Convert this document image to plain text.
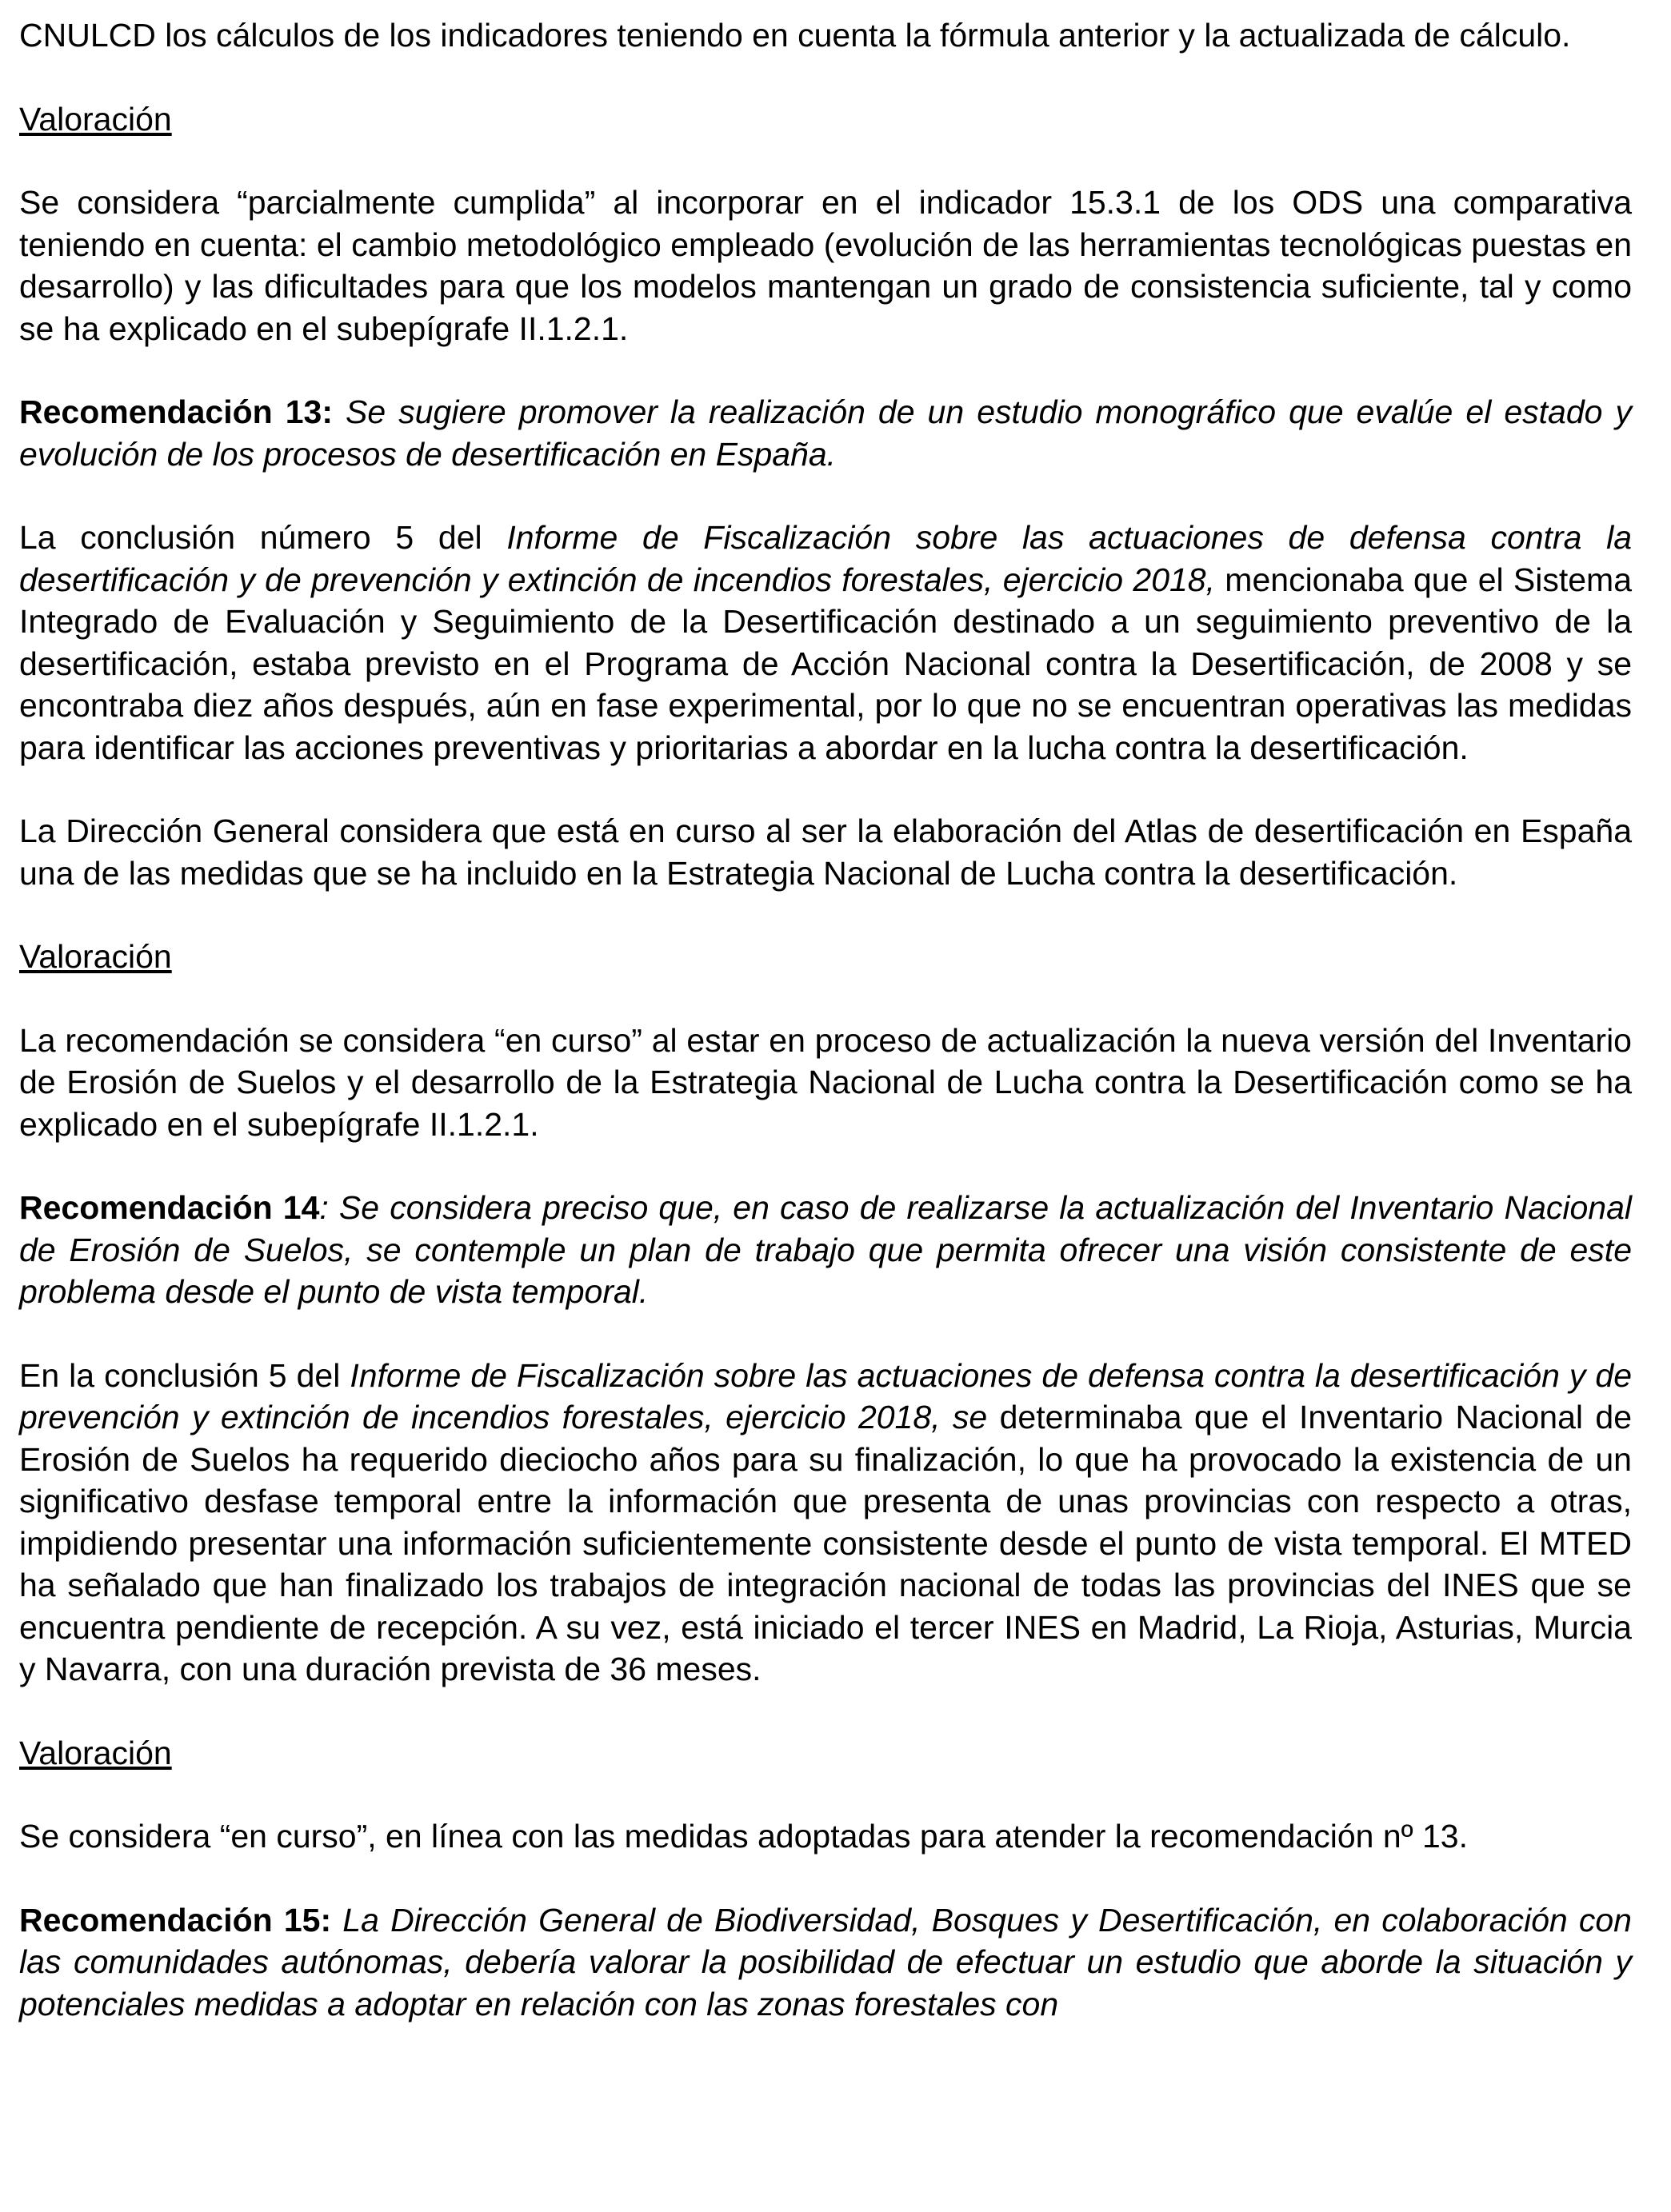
CNULCD los cálculos de los indicadores teniendo en cuenta la fórmula anterior y la actualizada de cálculo.

Valoración

Se considera “parcialmente cumplida” al incorporar en el indicador 15.3.1 de los ODS una comparativa teniendo en cuenta: el cambio metodológico empleado (evolución de las herramientas tecnológicas puestas en desarrollo) y las dificultades para que los modelos mantengan un grado de consistencia suficiente, tal y como se ha explicado en el subepígrafe II.1.2.1.

Recomendación 13: Se sugiere promover la realización de un estudio monográfico que evalúe el estado y evolución de los procesos de desertificación en España.

La conclusión número 5 del Informe de Fiscalización sobre las actuaciones de defensa contra la desertificación y de prevención y extinción de incendios forestales, ejercicio 2018, mencionaba que el Sistema Integrado de Evaluación y Seguimiento de la Desertificación destinado a un seguimiento preventivo de la desertificación, estaba previsto en el Programa de Acción Nacional contra la Desertificación, de 2008 y se encontraba diez años después, aún en fase experimental, por lo que no se encuentran operativas las medidas para identificar las acciones preventivas y prioritarias a abordar en la lucha contra la desertificación.

La Dirección General considera que está en curso al ser la elaboración del Atlas de desertificación en España una de las medidas que se ha incluido en la Estrategia Nacional de Lucha contra la desertificación.

Valoración

La recomendación se considera “en curso” al estar en proceso de actualización la nueva versión del Inventario de Erosión de Suelos y el desarrollo de la Estrategia Nacional de Lucha contra la Desertificación como se ha explicado en el subepígrafe II.1.2.1.

Recomendación 14: Se considera preciso que, en caso de realizarse la actualización del Inventario Nacional de Erosión de Suelos, se contemple un plan de trabajo que permita ofrecer una visión consistente de este problema desde el punto de vista temporal.

En la conclusión 5 del Informe de Fiscalización sobre las actuaciones de defensa contra la desertificación y de prevención y extinción de incendios forestales, ejercicio 2018, se determinaba que el Inventario Nacional de Erosión de Suelos ha requerido dieciocho años para su finalización, lo que ha provocado la existencia de un significativo desfase temporal entre la información que presenta de unas provincias con respecto a otras, impidiendo presentar una información suficientemente consistente desde el punto de vista temporal. El MTED ha señalado que han finalizado los trabajos de integración nacional de todas las provincias del INES que se encuentra pendiente de recepción. A su vez, está iniciado el tercer INES en Madrid, La Rioja, Asturias, Murcia y Navarra, con una duración prevista de 36 meses.

Valoración

Se considera “en curso”, en línea con las medidas adoptadas para atender la recomendación nº 13.

Recomendación 15: La Dirección General de Biodiversidad, Bosques y Desertificación, en colaboración con las comunidades autónomas, debería valorar la posibilidad de efectuar un estudio que aborde la situación y potenciales medidas a adoptar en relación con las zonas forestales con
